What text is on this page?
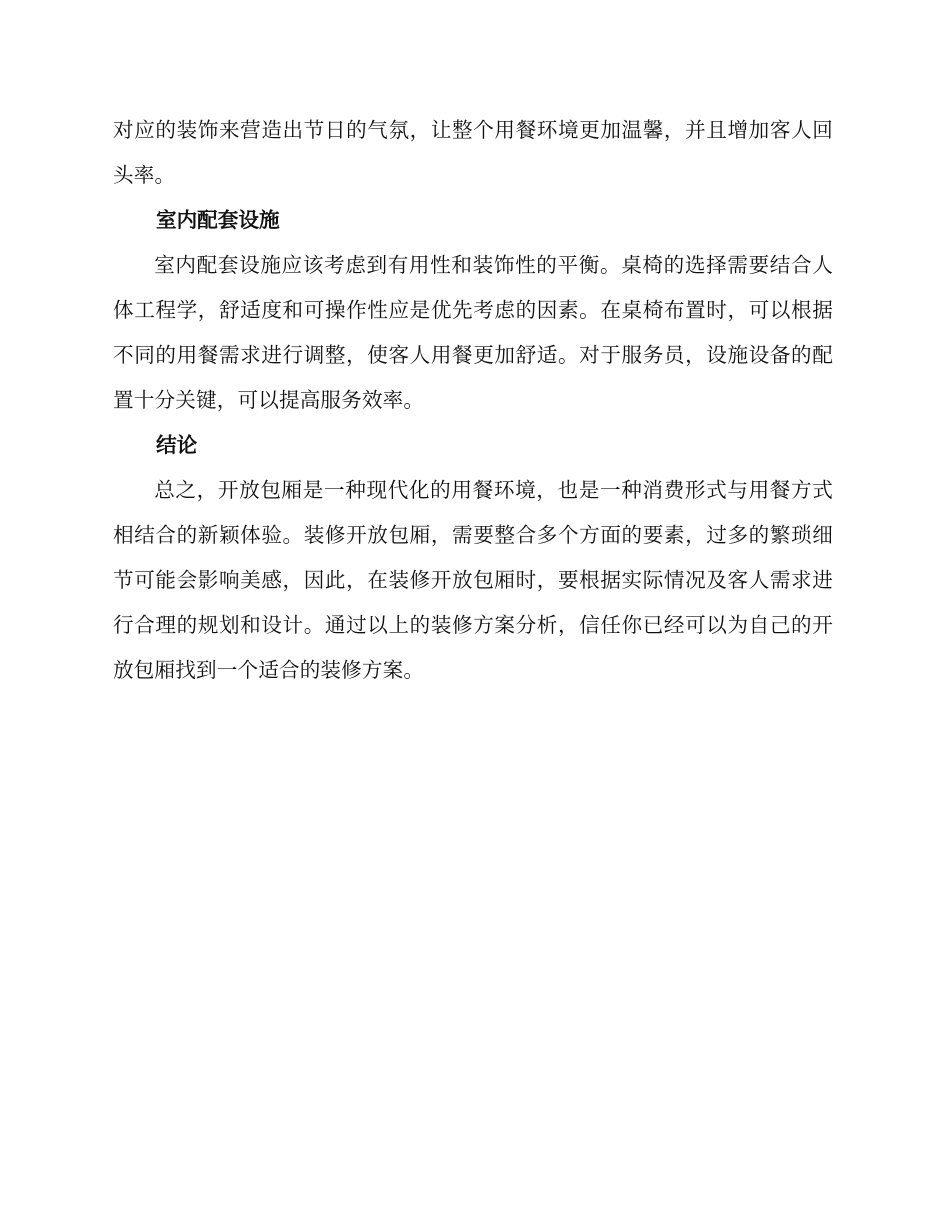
对应的装饰来营造出节日的气氛，让整个用餐环境更加温馨，并且增加客人回头率。

室内配套设施

室内配套设施应该考虑到有用性和装饰性的平衡。桌椅的选择需要结合人体工程学，舒适度和可操作性应是优先考虑的因素。在桌椅布置时，可以根据不同的用餐需求进行调整，使客人用餐更加舒适。对于服务员，设施设备的配置十分关键，可以提高服务效率。

结论

总之，开放包厢是一种现代化的用餐环境，也是一种消费形式与用餐方式相结合的新颖体验。装修开放包厢，需要整合多个方面的要素，过多的繁琐细节可能会影响美感，因此，在装修开放包厢时，要根据实际情况及客人需求进行合理的规划和设计。通过以上的装修方案分析，信任你已经可以为自己的开放包厢找到一个适合的装修方案。
